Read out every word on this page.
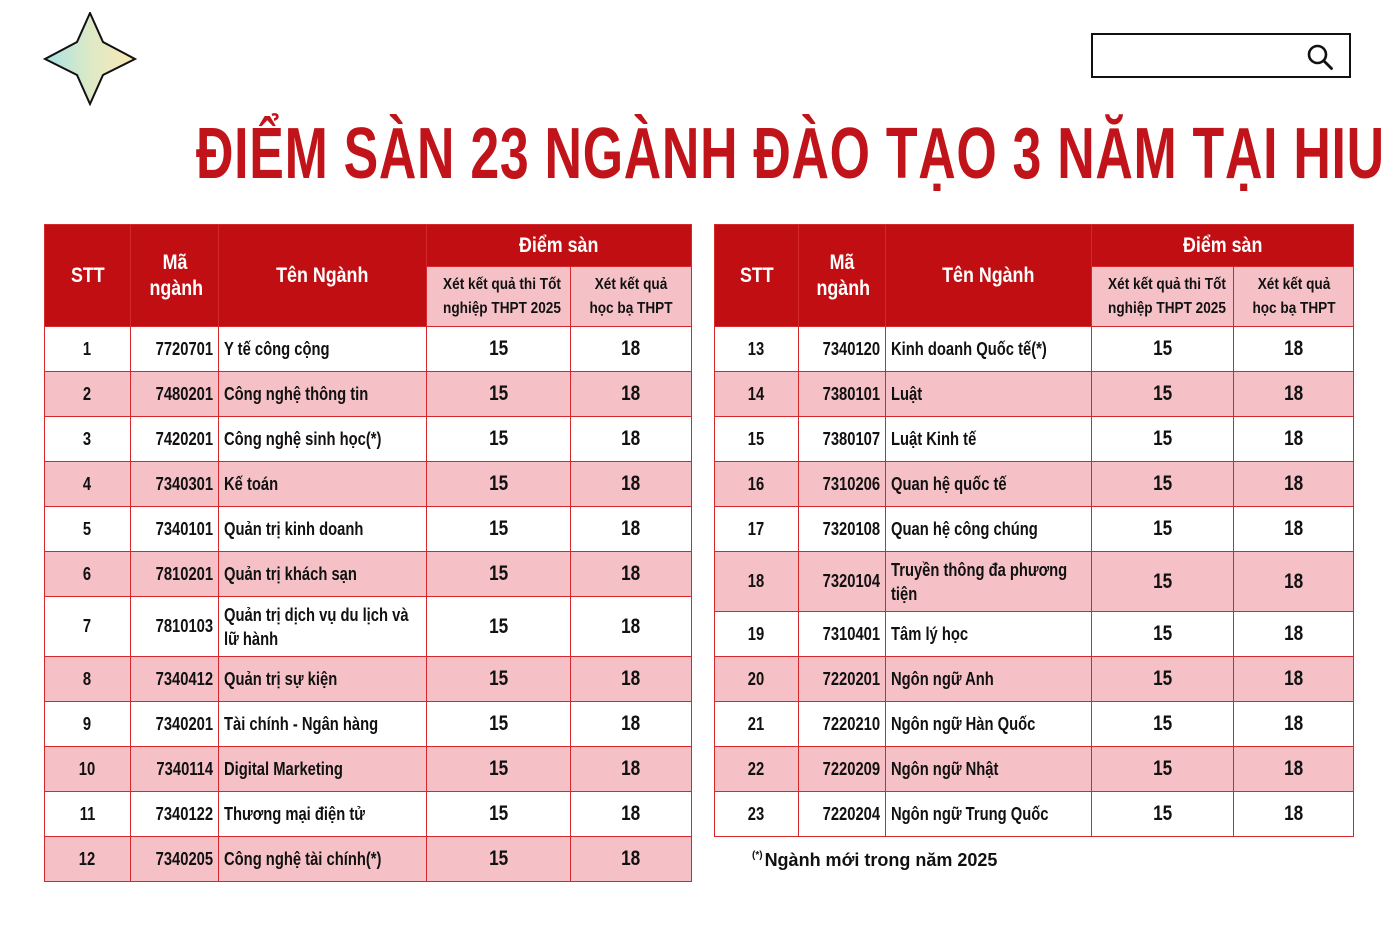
ĐIỂM SÀN 23 NGÀNH ĐÀO TẠO 3 NĂM TẠI HIU
STT	Mã ngành	Tên Ngành	Điểm sàn	
			Xét kết quả thi Tốt nghiệp THPT 2025	Xét kết quả học bạ THPT
1	7720701	Y tế công cộng	15	18
2	7480201	Công nghệ thông tin	15	18
3	7420201	Công nghệ sinh học(*)	15	18
4	7340301	Kế toán	15	18
5	7340101	Quản trị kinh doanh	15	18
6	7810201	Quản trị khách sạn	15	18
7	7810103	Quản trị dịch vụ du lịch và lữ hành	15	18
8	7340412	Quản trị sự kiện	15	18
9	7340201	Tài chính - Ngân hàng	15	18
10	7340114	Digital Marketing	15	18
11	7340122	Thương mại điện tử	15	18
12	7340205	Công nghệ tài chính(*)	15	18
STT	Mã ngành	Tên Ngành	Điểm sàn	
			Xét kết quả thi Tốt nghiệp THPT 2025	Xét kết quả học bạ THPT
13	7340120	Kinh doanh Quốc tế(*)	15	18
14	7380101	Luật	15	18
15	7380107	Luật Kinh tế	15	18
16	7310206	Quan hệ quốc tế	15	18
17	7320108	Quan hệ công chúng	15	18
18	7320104	Truyền thông đa phương tiện	15	18
19	7310401	Tâm lý học	15	18
20	7220201	Ngôn ngữ Anh	15	18
21	7220210	Ngôn ngữ Hàn Quốc	15	18
22	7220209	Ngôn ngữ Nhật	15	18
23	7220204	Ngôn ngữ Trung Quốc	15	18
(*) Ngành mới trong năm 2025
